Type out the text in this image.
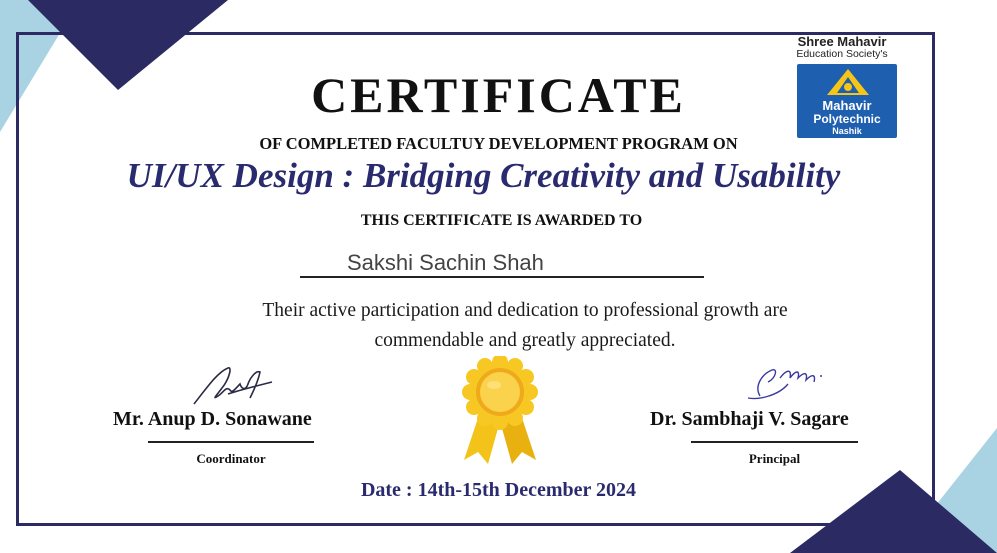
Shree Mahavir
Education Society's
Mahavir
Polytechnic
Nashik
CERTIFICATE
OF COMPLETED FACULTUY DEVELOPMENT PROGRAM ON
UI/UX Design : Bridging Creativity and Usability
THIS CERTIFICATE IS AWARDED TO
Sakshi Sachin Shah
Their active participation and dedication to professional growth are
commendable and greatly appreciated.
Mr. Anup D. Sonawane
Coordinator
Dr. Sambhaji V. Sagare
Principal
Date : 14th-15th December 2024
